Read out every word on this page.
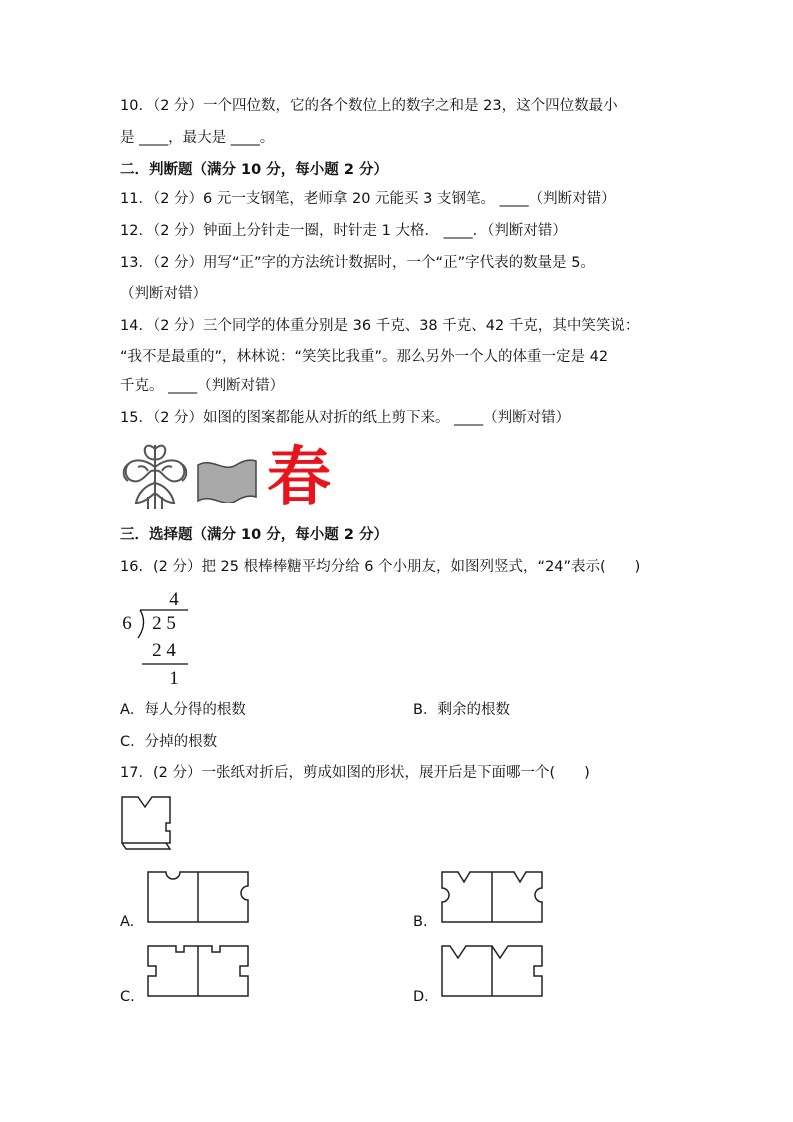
10．（2 分）一个四位数，它的各个数位上的数字之和是 23，这个四位数最小
是 ____，最大是 ____。
二．判断题（满分 10 分，每小题 2 分）
11．（2 分）6 元一支钢笔，老师拿 20 元能买 3 支钢笔。 ____（判断对错）
12．（2 分）钟面上分针走一圈，时针走 1 大格． ____．（判断对错）
13．（2 分）用写“正”字的方法统计数据时，一个“正”字代表的数量是 5。
（判断对错）
14．（2 分）三个同学的体重分别是 36 千克、38 千克、42 千克，其中笑笑说：
“我不是最重的”，林林说：“笑笑比我重”。那么另外一个人的体重一定是 42
千克。 ____（判断对错）
15．（2 分）如图的图案都能从对折的纸上剪下来。 ____（判断对错）
春
三．选择题（满分 10 分，每小题 2 分）
16．(2 分）把 25 根棒棒糖平均分给 6 个小朋友，如图列竖式，“24”表示(　　)
4
6 2 5
2 4
1
A．每人分得的根数	B．剩余的根数
C．分掉的根数
17．(2 分）一张纸对折后，剪成如图的形状，展开后是下面哪一个(　　)
A.	B.
C.	D.
